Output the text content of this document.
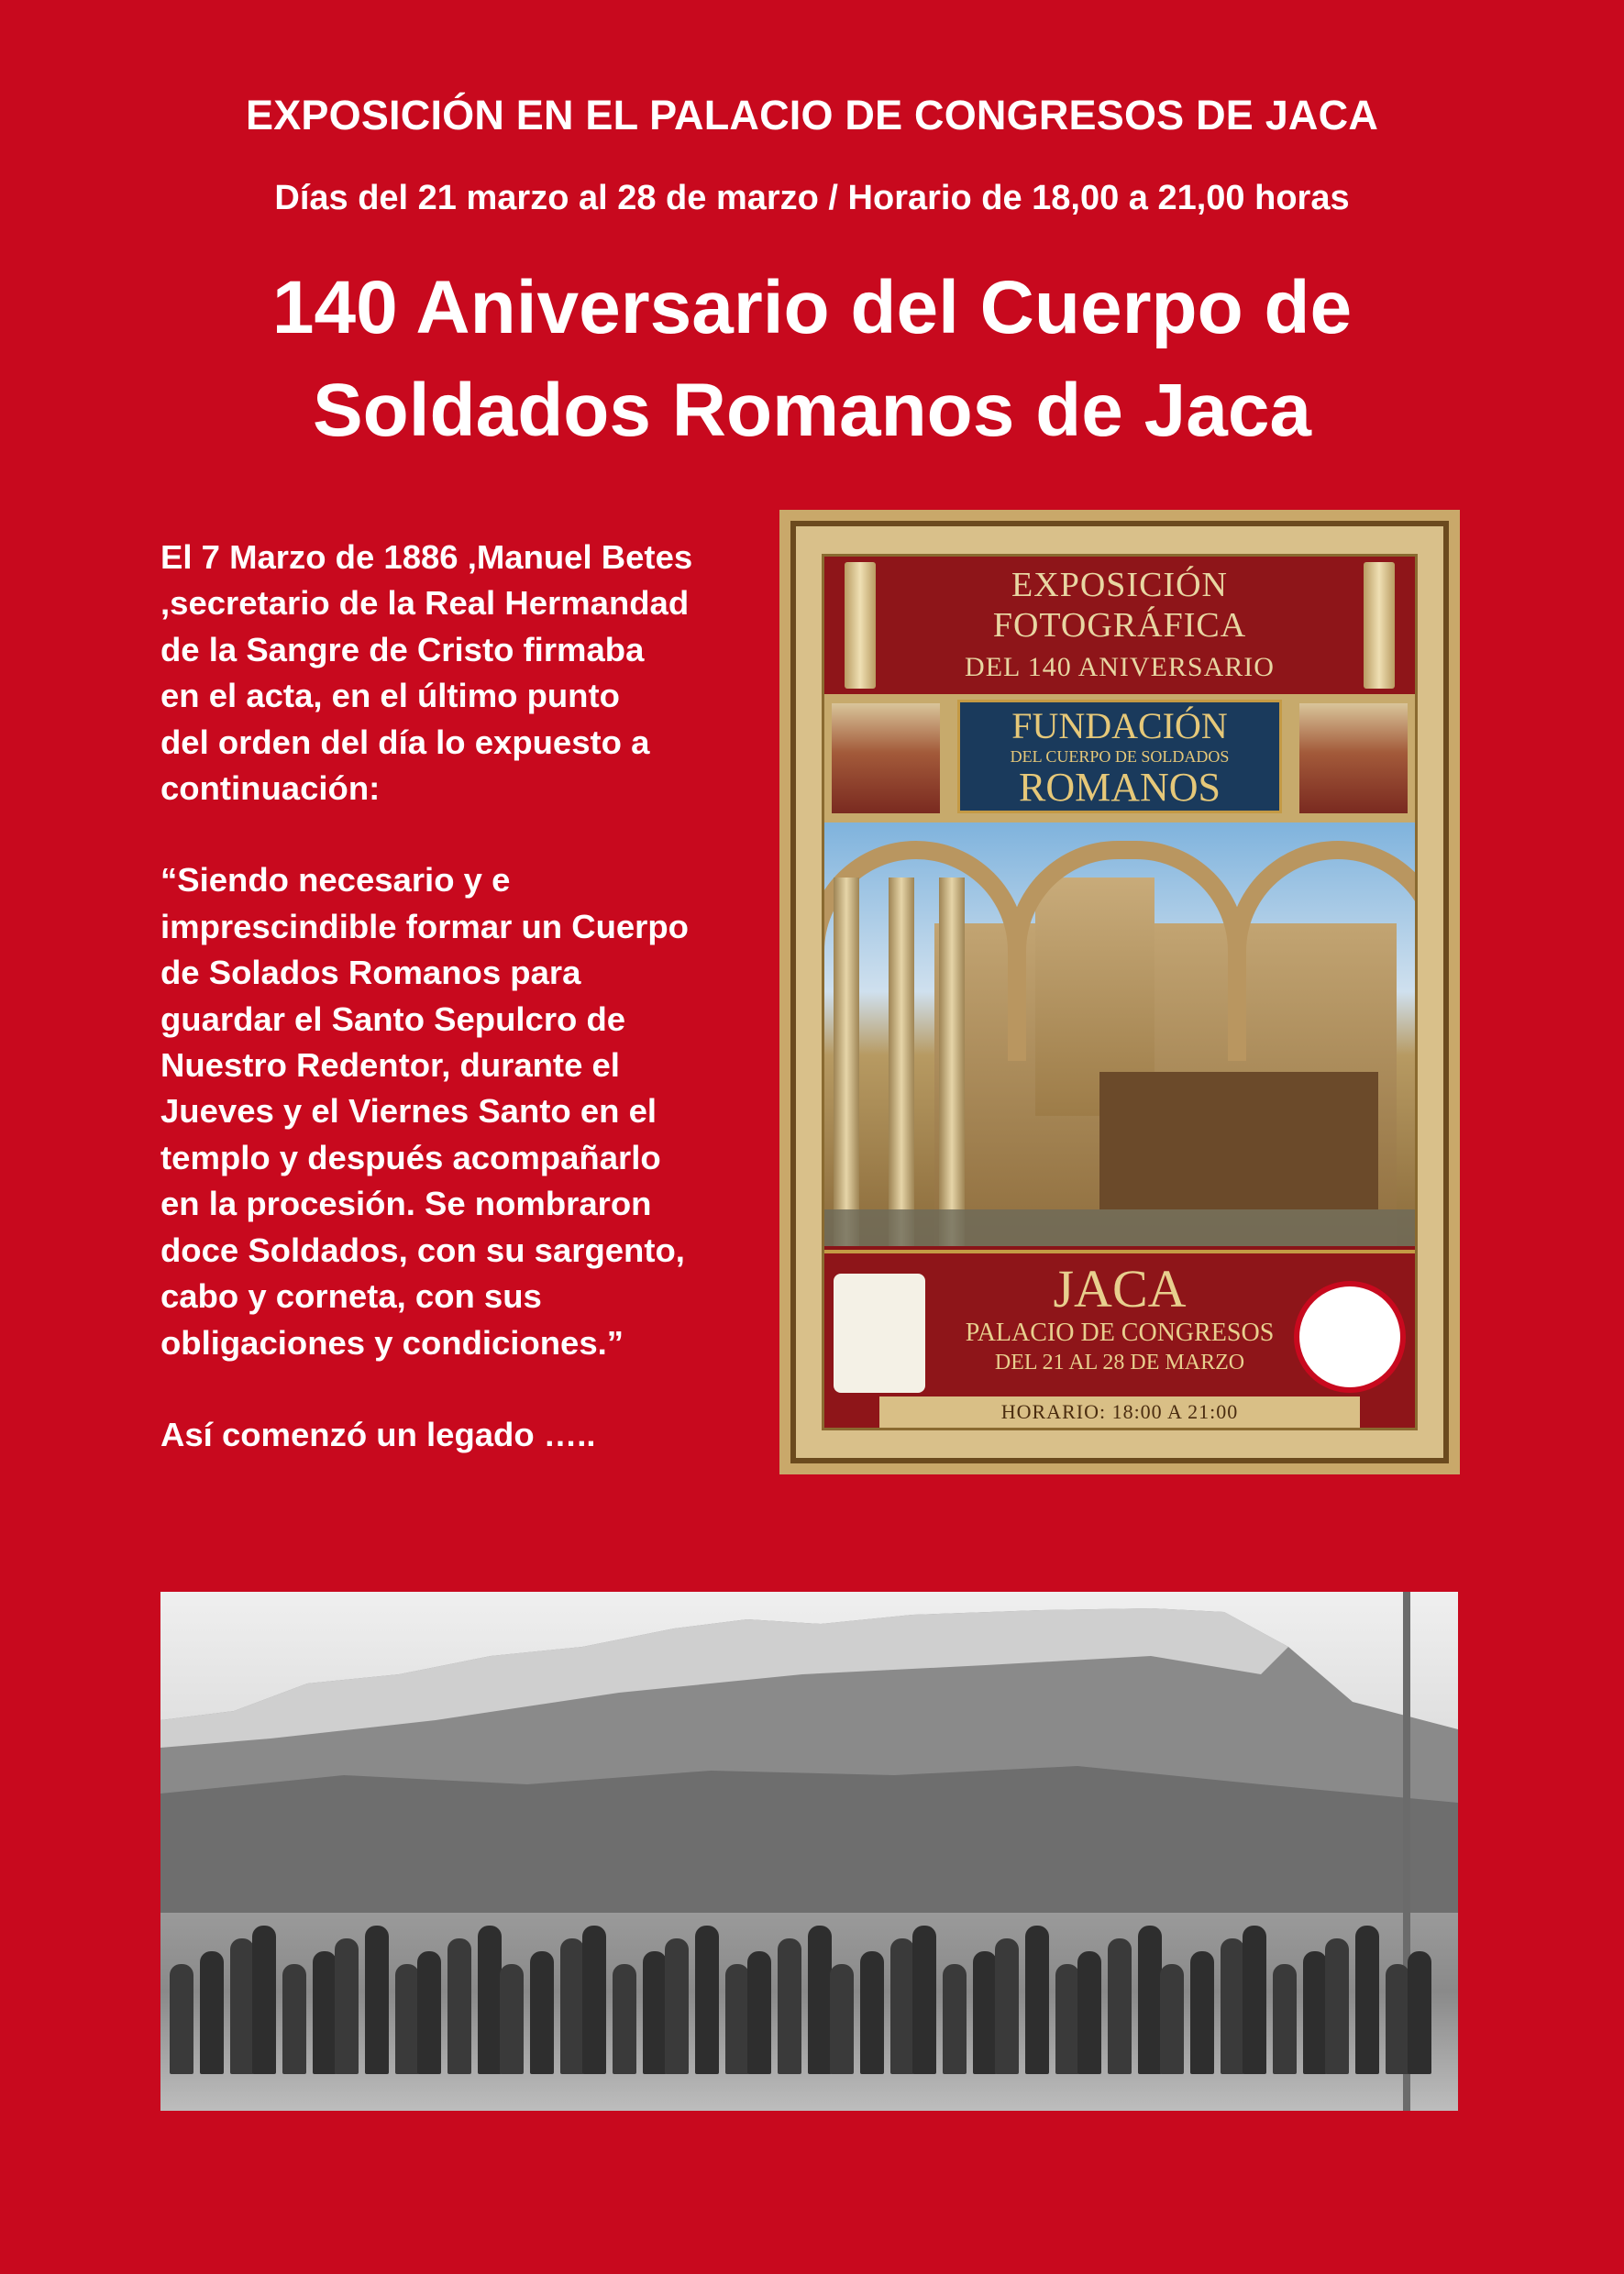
EXPOSICIÓN EN EL PALACIO DE CONGRESOS DE JACA
Días del 21 marzo al 28 de marzo / Horario de 18,00 a 21,00 horas
140 Aniversario del Cuerpo de
Soldados Romanos de Jaca

El 7 Marzo de 1886 ,Manuel Betes
,secretario de la Real Hermandad
de la Sangre de Cristo firmaba
en el acta, en el último punto
del orden del día lo expuesto a
continuación:

“Siendo necesario y e
imprescindible formar un Cuerpo
de Solados Romanos para
guardar el Santo Sepulcro de
Nuestro Redentor, durante el
Jueves y el Viernes Santo en el
templo y después acompañarlo
en la procesión. Se nombraron
doce Soldados, con su sargento,
cabo y corneta, con sus
obligaciones y condiciones.”

Así comenzó un legado …..

EXPOSICIÓN
FOTOGRÁFICA
DEL 140 ANIVERSARIO
FUNDACIÓN
DEL CUERPO DE SOLDADOS
ROMANOS
JACA
PALACIO DE CONGRESOS
DEL 21 AL 28 DE MARZO
HORARIO: 18:00 A 21:00
